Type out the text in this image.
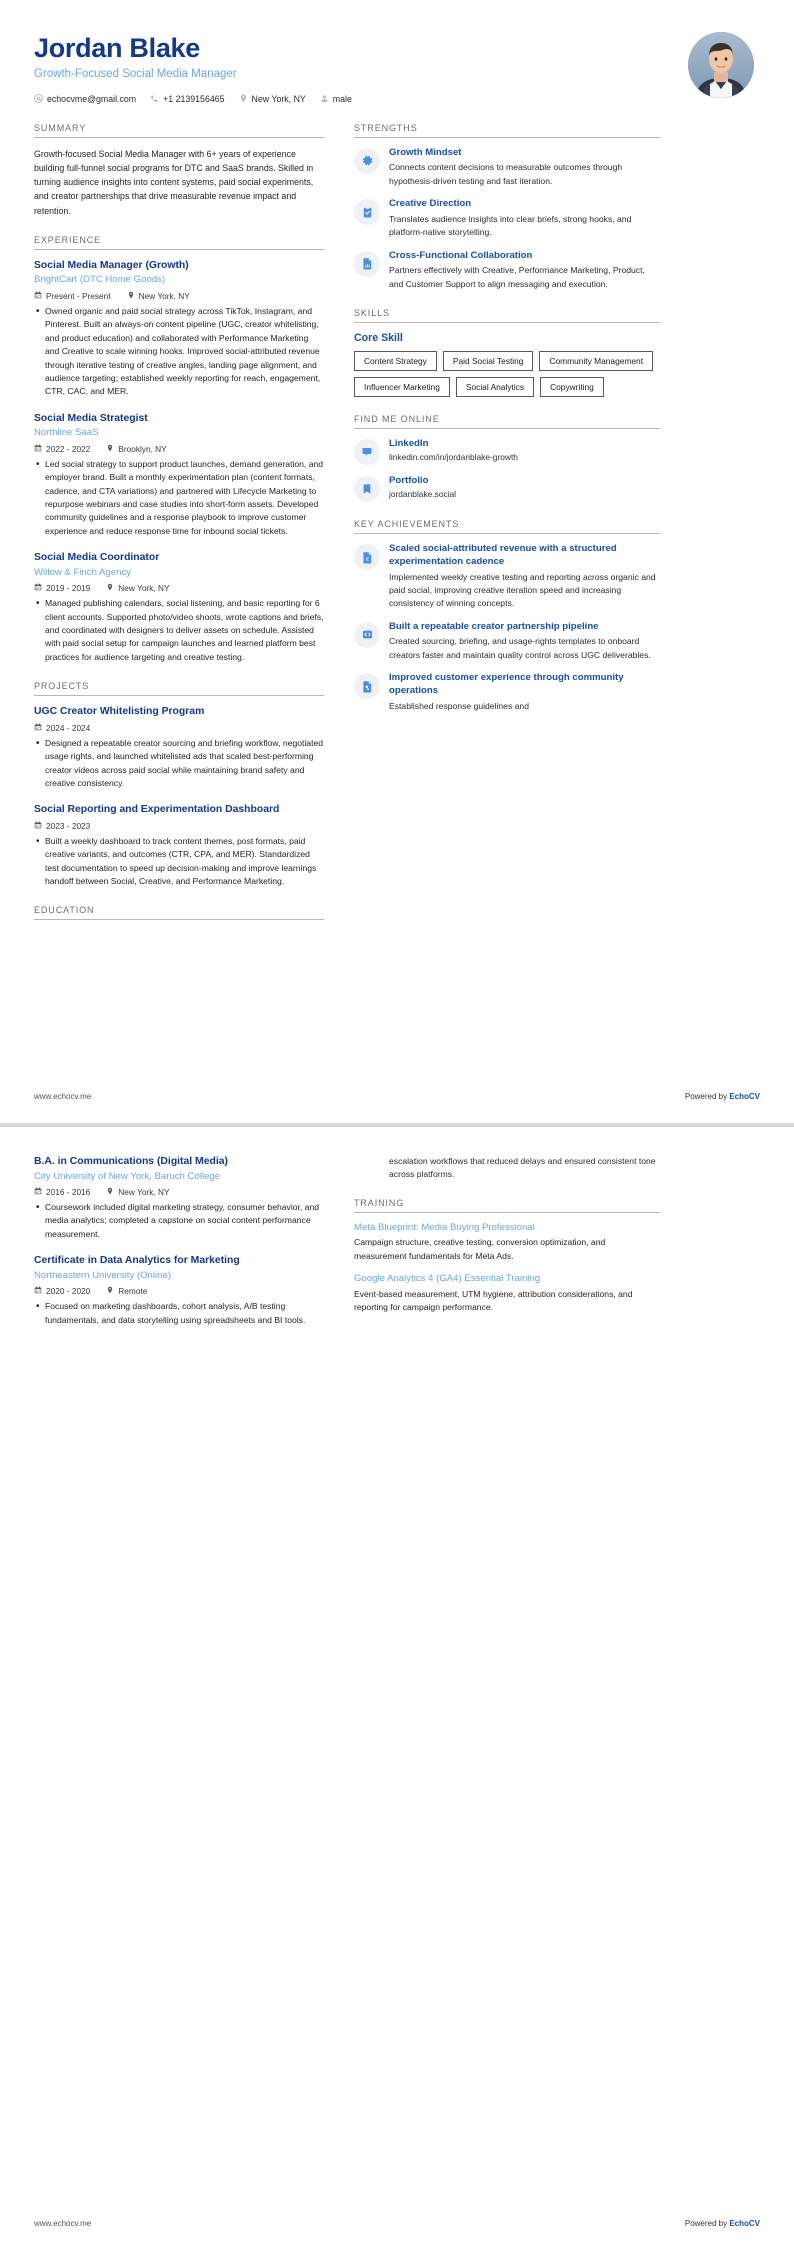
Jordan Blake
Growth-Focused Social Media Manager
echocvme@gmail.com	+1 2139156465	New York, NY	male
SUMMARY
Growth-focused Social Media Manager with 6+ years of experience building full-funnel social programs for DTC and SaaS brands. Skilled in turning audience insights into content systems, paid social experiments, and creator partnerships that drive measurable revenue impact and retention.
EXPERIENCE
Social Media Manager (Growth)
BrightCart (DTC Home Goods)
Present - Present	New York, NY
• Owned organic and paid social strategy across TikTok, Instagram, and Pinterest. Built an always-on content pipeline (UGC, creator whitelisting, and product education) and collaborated with Performance Marketing and Creative to scale winning hooks. Improved social-attributed revenue through iterative testing of creative angles, landing page alignment, and audience targeting; established weekly reporting for reach, engagement, CTR, CAC, and MER.
Social Media Strategist
Northline SaaS
2022 - 2022	Brooklyn, NY
• Led social strategy to support product launches, demand generation, and employer brand. Built a monthly experimentation plan (content formats, cadence, and CTA variations) and partnered with Lifecycle Marketing to repurpose webinars and case studies into short-form assets. Developed community guidelines and a response playbook to improve customer experience and reduce response time for inbound social tickets.
Social Media Coordinator
Willow & Finch Agency
2019 - 2019	New York, NY
• Managed publishing calendars, social listening, and basic reporting for 6 client accounts. Supported photo/video shoots, wrote captions and briefs, and coordinated with designers to deliver assets on schedule. Assisted with paid social setup for campaign launches and learned platform best practices for audience targeting and creative testing.
PROJECTS
UGC Creator Whitelisting Program
2024 - 2024
• Designed a repeatable creator sourcing and briefing workflow, negotiated usage rights, and launched whitelisted ads that scaled best-performing creator videos across paid social while maintaining brand safety and creative consistency.
Social Reporting and Experimentation Dashboard
2023 - 2023
• Built a weekly dashboard to track content themes, post formats, paid creative variants, and outcomes (CTR, CPA, and MER). Standardized test documentation to speed up decision-making and improve learnings handoff between Social, Creative, and Performance Marketing.
EDUCATION
STRENGTHS
Growth Mindset
Connects content decisions to measurable outcomes through hypothesis-driven testing and fast iteration.
Creative Direction
Translates audience insights into clear briefs, strong hooks, and platform-native storytelling.
Cross-Functional Collaboration
Partners effectively with Creative, Performance Marketing, Product, and Customer Support to align messaging and execution.
SKILLS
Core Skill
Content Strategy	Paid Social Testing	Community Management
Influencer Marketing	Social Analytics	Copywriting
FIND ME ONLINE
LinkedIn
linkedin.com/in/jordanblake-growth
Portfolio
jordanblake.social
KEY ACHIEVEMENTS
€
Scaled social-attributed revenue with a structured experimentation cadence
Implemented weekly creative testing and reporting across organic and paid social, improving creative iteration speed and increasing consistency of winning concepts.
Built a repeatable creator partnership pipeline
Created sourcing, briefing, and usage-rights templates to onboard creators faster and maintain quality control across UGC deliverables.
Improved customer experience through community operations
Established response guidelines and
www.echocv.me	Powered by EchoCV
B.A. in Communications (Digital Media)
City University of New York, Baruch College
2016 - 2016	New York, NY
• Coursework included digital marketing strategy, consumer behavior, and media analytics; completed a capstone on social content performance measurement.
Certificate in Data Analytics for Marketing
Northeastern University (Online)
2020 - 2020	Remote
• Focused on marketing dashboards, cohort analysis, A/B testing fundamentals, and data storytelling using spreadsheets and BI tools.
escalation workflows that reduced delays and ensured consistent tone across platforms.
TRAINING
Meta Blueprint: Media Buying Professional
Campaign structure, creative testing, conversion optimization, and measurement fundamentals for Meta Ads.
Google Analytics 4 (GA4) Essential Training
Event-based measurement, UTM hygiene, attribution considerations, and reporting for campaign performance.
www.echocv.me	Powered by EchoCV
